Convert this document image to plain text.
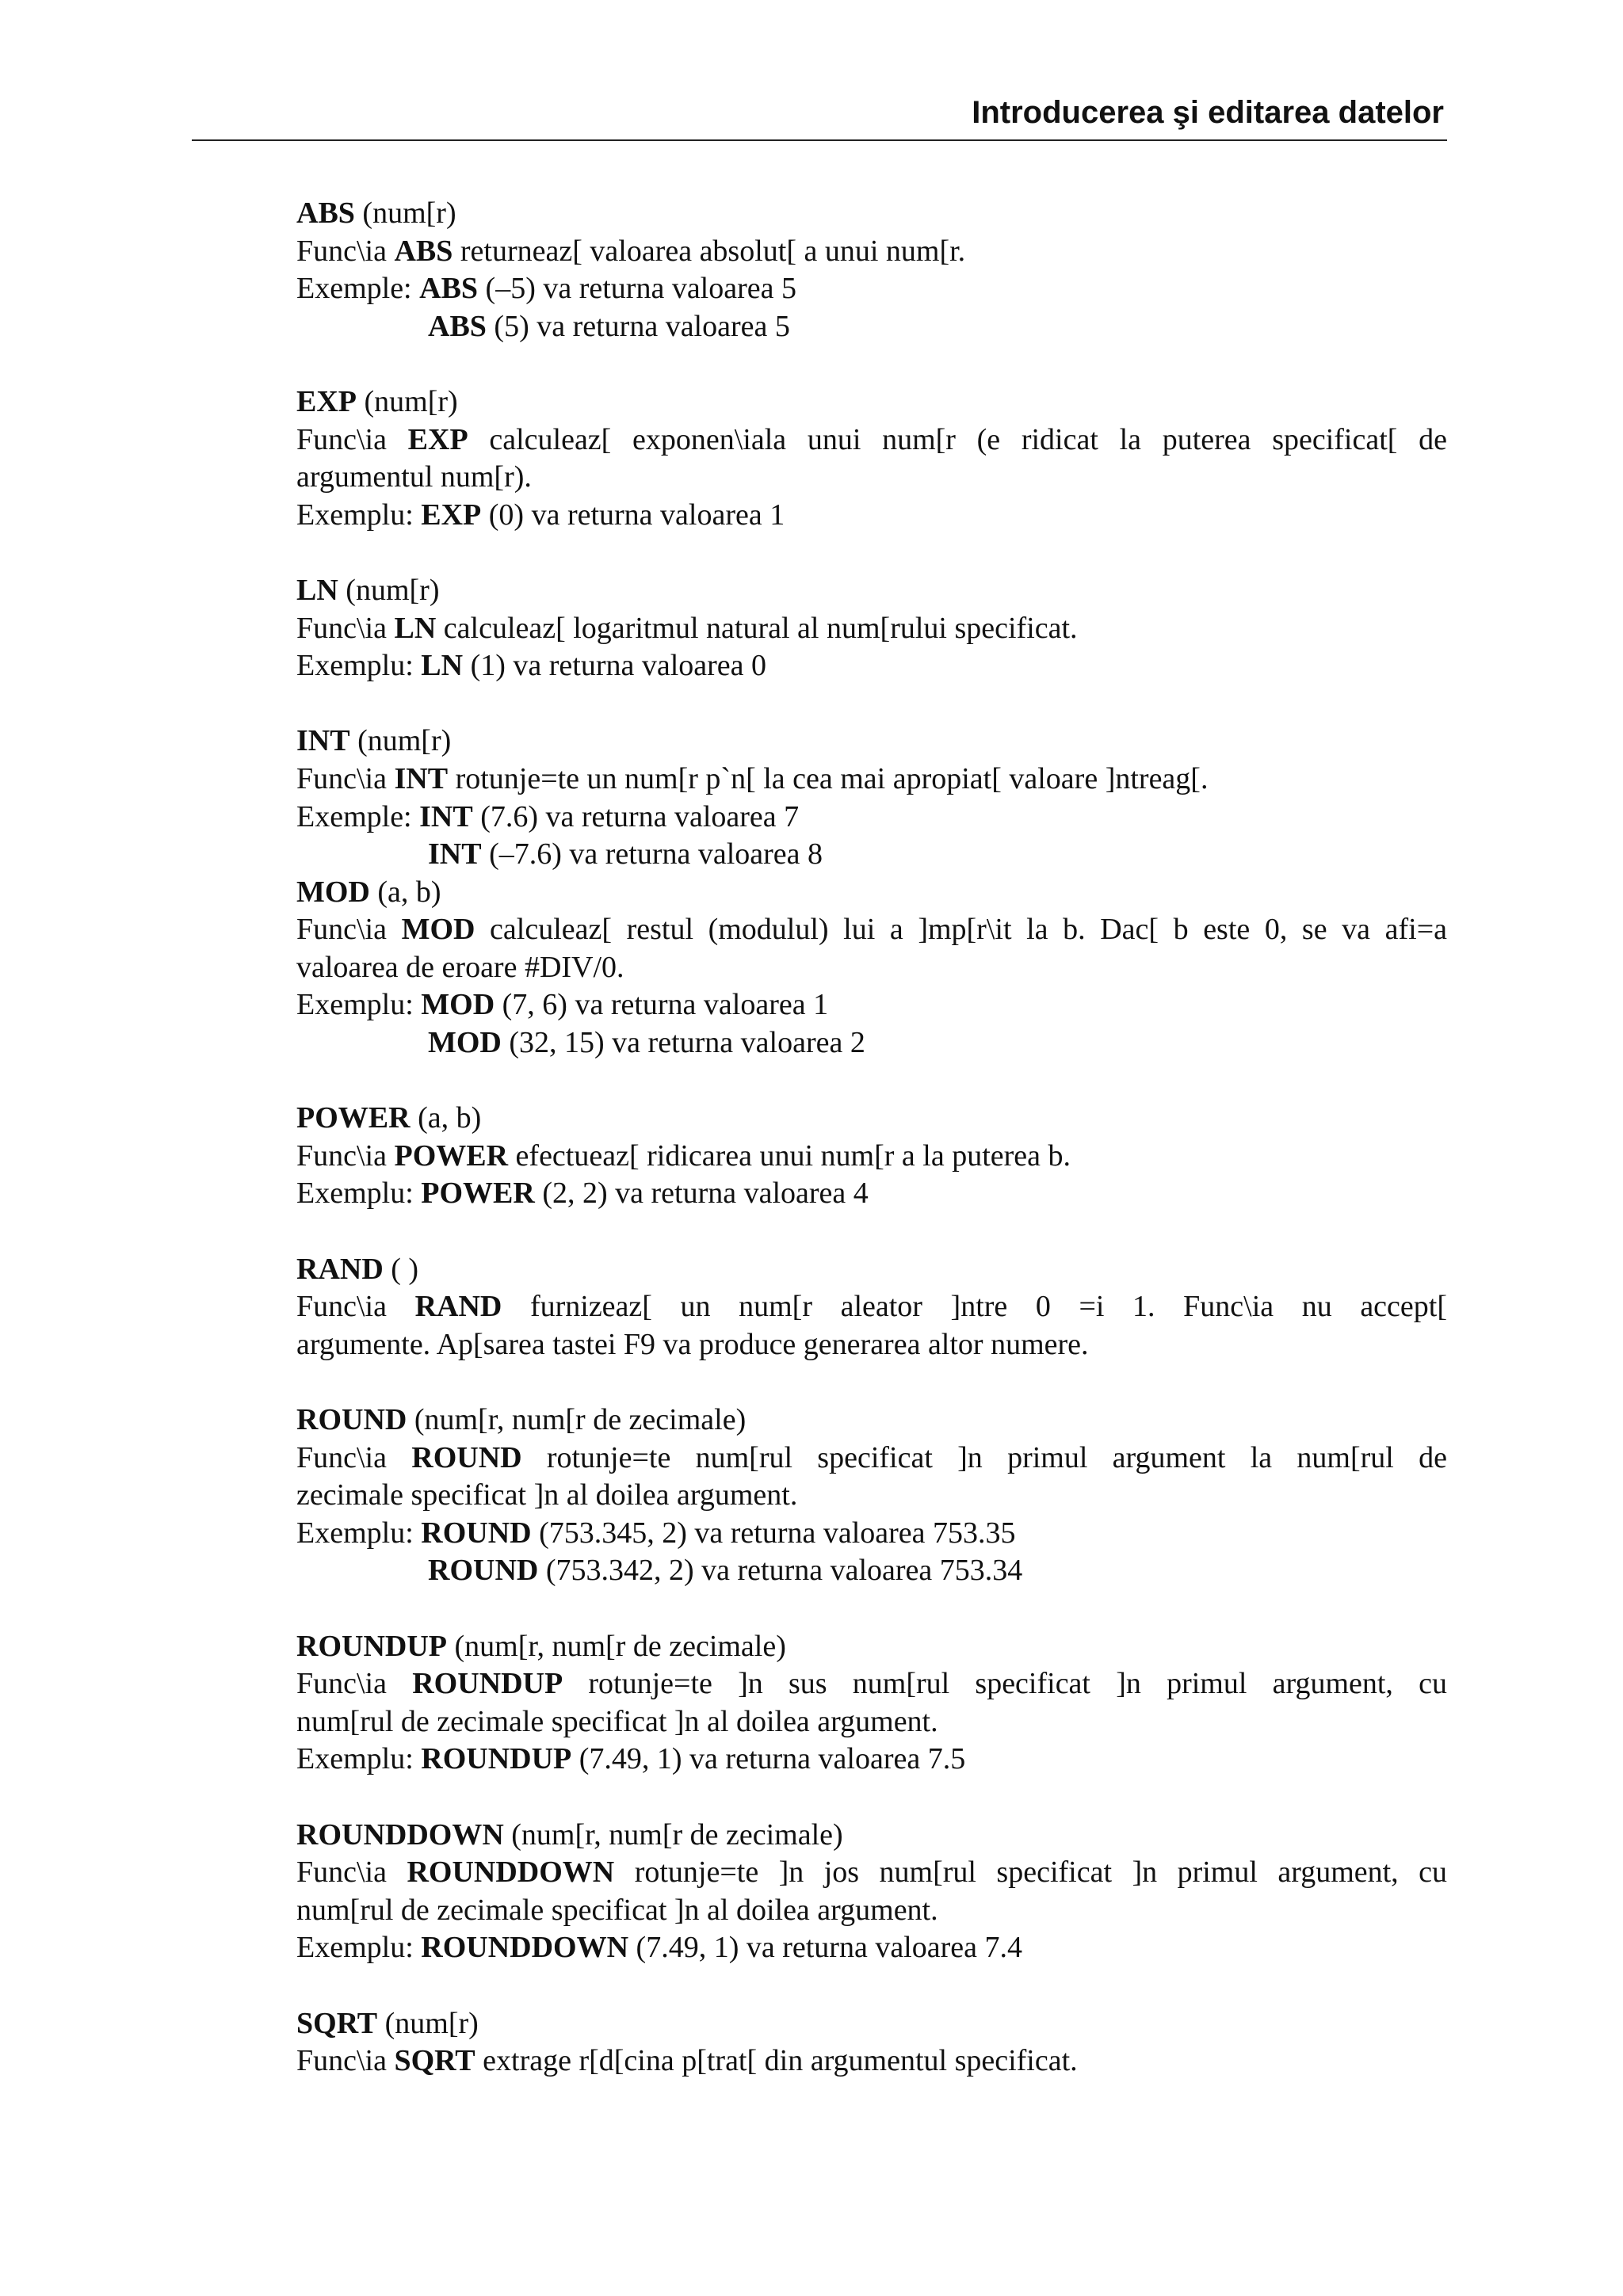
Introducerea şi editarea datelor

ABS (num[r)

Func\ia ABS returneaz[ valoarea absolut[ a unui num[r.

Exemple: ABS (–5) va returna valoarea 5

ABS (5) va returna valoarea 5

EXP (num[r)

Func\ia EXP calculeaz[ exponen\iala unui num[r (e ridicat la puterea specificat[ de

argumentul num[r).

Exemplu: EXP (0) va returna valoarea 1

LN (num[r)

Func\ia LN calculeaz[ logaritmul natural al num[rului specificat.

Exemplu: LN (1) va returna valoarea 0

INT (num[r)

Func\ia INT rotunje=te un num[r p`n[ la cea mai apropiat[ valoare ]ntreag[.

Exemple: INT (7.6) va returna valoarea 7

INT (–7.6) va returna valoarea 8

MOD (a, b)

Func\ia MOD calculeaz[ restul (modulul) lui a ]mp[r\it la b. Dac[ b este 0, se va afi=a

valoarea de eroare #DIV/0.

Exemplu: MOD (7, 6) va returna valoarea 1

MOD (32, 15) va returna valoarea 2

POWER (a, b)

Func\ia POWER efectueaz[ ridicarea unui num[r a la puterea b.

Exemplu: POWER (2, 2) va returna valoarea 4

RAND ( )

Func\ia RAND furnizeaz[ un num[r aleator ]ntre 0 =i 1. Func\ia nu accept[

argumente. Ap[sarea tastei F9 va produce generarea altor numere.

ROUND (num[r, num[r de zecimale)

Func\ia ROUND rotunje=te num[rul specificat ]n primul argument la num[rul de

zecimale specificat ]n al doilea argument.

Exemplu: ROUND (753.345, 2) va returna valoarea 753.35

ROUND (753.342, 2) va returna valoarea 753.34

ROUNDUP (num[r, num[r de zecimale)

Func\ia ROUNDUP rotunje=te ]n sus num[rul specificat ]n primul argument, cu

num[rul de zecimale specificat ]n al doilea argument.

Exemplu: ROUNDUP (7.49, 1) va returna valoarea 7.5

ROUNDDOWN (num[r, num[r de zecimale)

Func\ia ROUNDDOWN rotunje=te ]n jos num[rul specificat ]n primul argument, cu

num[rul de zecimale specificat ]n al doilea argument.

Exemplu: ROUNDDOWN (7.49, 1) va returna valoarea 7.4

SQRT (num[r)

Func\ia SQRT extrage r[d[cina p[trat[ din argumentul specificat.
